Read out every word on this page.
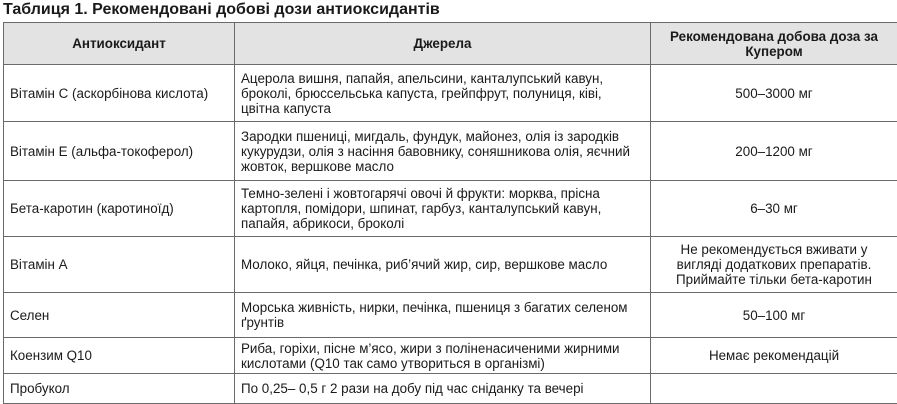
Таблиця 1. Рекомендовані добові дози антиоксидантів
Антиоксидант	Джерела	Рекомендована добова доза за Купером
Вітамін С (аскорбінова кислота)	Ацерола вишня, папайя, апельсини, канталупський кавун, броколі, брюссельська капуста, грейпфрут, полуниця, ківі, цвітна капуста	500–3000 мг
Вітамін Е (альфа-токоферол)	Зародки пшениці, мигдаль, фундук, майонез, олія із зародків кукурудзи, олія з насіння бавовнику, соняшникова олія, яєчний жовток, вершкове масло	200–1200 мг
Бета-каротин (каротиноїд)	Темно-зелені і жовтогарячі овочі й фрукти: морква, прісна картопля, помідори, шпинат, гарбуз, канталупський кавун, папайя, абрикоси, броколі	6–30 мг
Вітамін А	Молоко, яйця, печінка, риб’ячий жир, сир, вершкове масло	Не рекомендується вживати у вигляді додаткових препаратів. Приймайте тільки бета-каротин
Селен	Морська живність, нирки, печінка, пшениця з багатих селеном ґрунтів	50–100 мг
Коензим Q10	Риба, горіхи, пісне м’ясо, жири з поліненасиченими жирними кислотами (Q10 так само утвориться в організмі)	Немає рекомендацій
Пробукол	По 0,25– 0,5 г 2 рази на добу під час сніданку та вечері	
